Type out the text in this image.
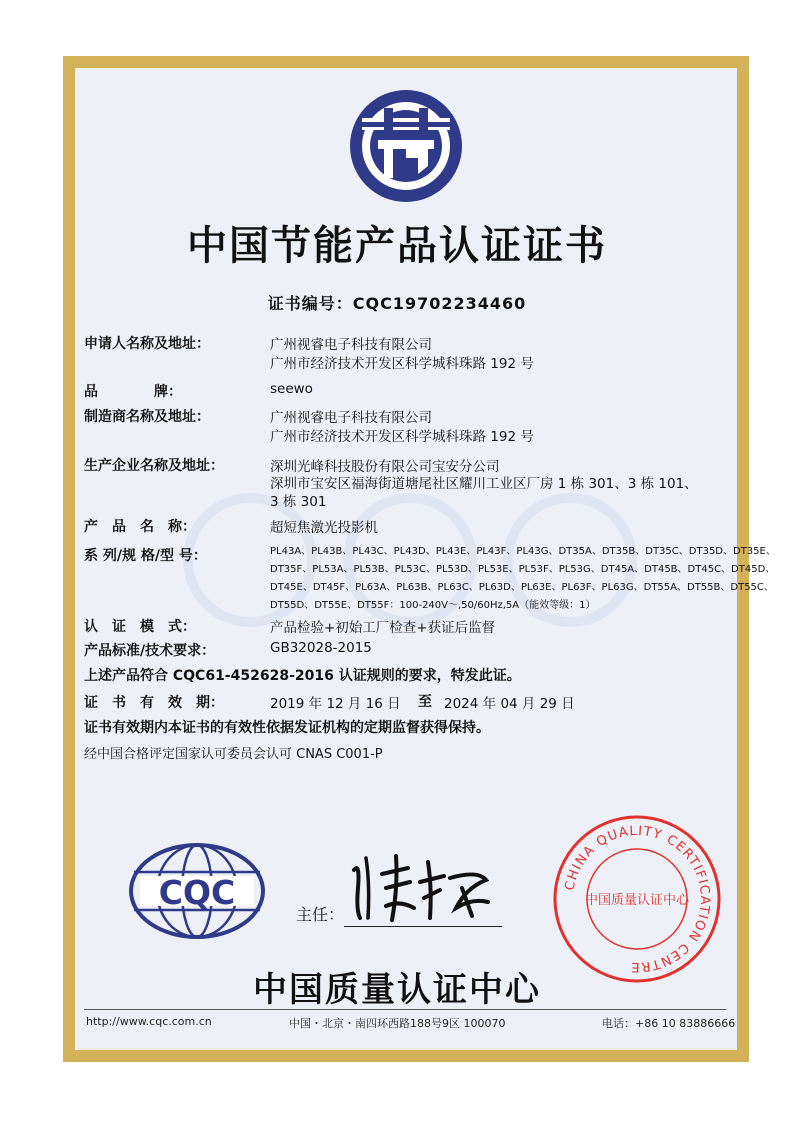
中国节能产品认证证书
证书编号：CQC19702234460
申请人名称及地址：	广州视睿电子科技有限公司
广州市经济技术开发区科学城科珠路 192 号
品　　　　牌：	seewo
制造商名称及地址：	广州视睿电子科技有限公司
广州市经济技术开发区科学城科珠路 192 号
生产企业名称及地址：	深圳光峰科技股份有限公司宝安分公司
深圳市宝安区福海街道塘尾社区耀川工业区厂房 1 栋 301、3 栋 101、
3 栋 301
产　品　名　称：	超短焦激光投影机
系 列/规 格/型 号：	PL43A、PL43B、PL43C、PL43D、PL43E、PL43F、PL43G、DT35A、DT35B、DT35C、DT35D、DT35E、
DT35F、PL53A、PL53B、PL53C、PL53D、PL53E、PL53F、PL53G、DT45A、DT45B、DT45C、DT45D、
DT45E、DT45F、PL63A、PL63B、PL63C、PL63D、PL63E、PL63F、PL63G、DT55A、DT55B、DT55C、
DT55D、DT55E、DT55F：100-240V～,50/60Hz,5A（能效等级：1）
认　证　模　式：	产品检验+初始工厂检查+获证后监督
产品标准/技术要求：	GB32028-2015
上述产品符合 CQC61-452628-2016 认证规则的要求，特发此证。
证　书　有　效　期：	2019 年 12 月 16 日 至 2024 年 04 月 29 日
证书有效期内本证书的有效性依据发证机构的定期监督获得保持。
经中国合格评定国家认可委员会认可 CNAS C001-P
CQC
主任：
CHINA QUALITY CERTIFICATION CENTRE
中国质量认证中心
中国质量认证中心
http://www.cqc.com.cn	中国・北京・南四环西路188号9区 100070	电话：+86 10 83886666
